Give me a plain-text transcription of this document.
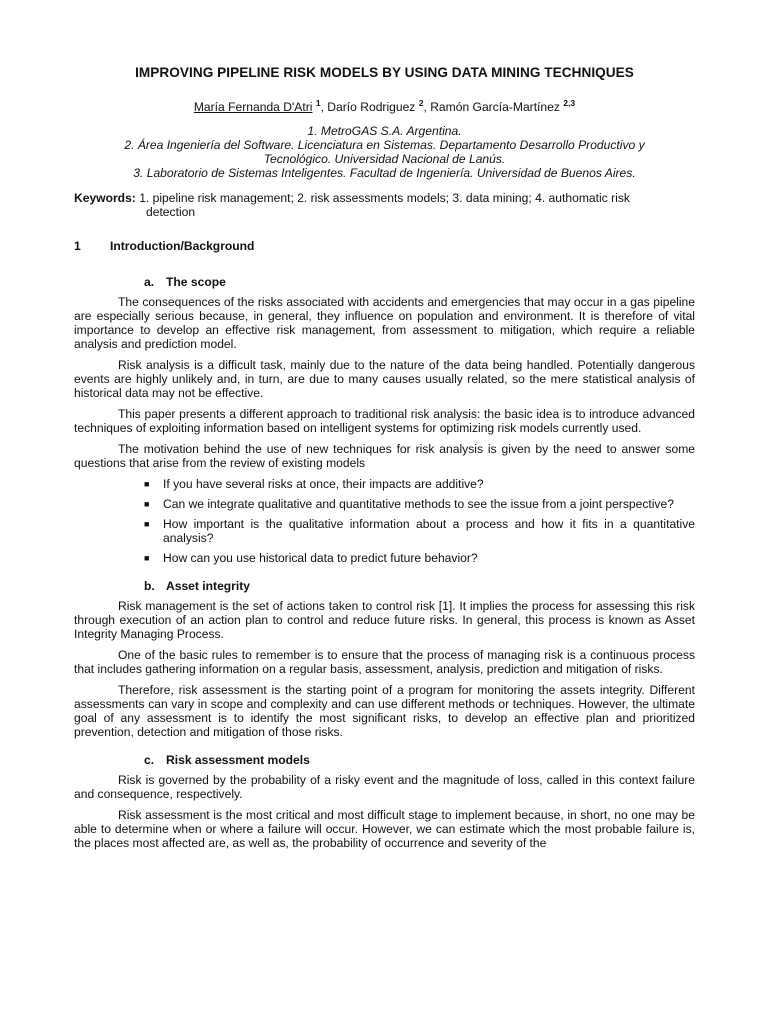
IMPROVING PIPELINE RISK MODELS BY USING DATA MINING TECHNIQUES
María Fernanda D'Atri $^1$, Darío Rodriguez $^2$, Ramón García-Martínez $^{2,3}$
1. MetroGAS S.A. Argentina.
2. Área Ingeniería del Software. Licenciatura en Sistemas. Departamento Desarrollo Productivo y
Tecnológico. Universidad Nacional de Lanús.
3. Laboratorio de Sistemas Inteligentes. Facultad de Ingeniería. Universidad de Buenos Aires.
Keywords: 1. pipeline risk management; 2. risk assessments models; 3. data mining; 4. authomatic risk
detection
1	Introduction/Background
a. The scope

The consequences of the risks associated with accidents and emergencies that may occur in a gas pipeline are especially serious because, in general, they influence on population and environment. It is therefore of vital importance to develop an effective risk management, from assessment to mitigation, which require a reliable analysis and prediction model.

Risk analysis is a difficult task, mainly due to the nature of the data being handled. Potentially dangerous events are highly unlikely and, in turn, are due to many causes usually related, so the mere statistical analysis of historical data may not be effective.

This paper presents a different approach to traditional risk analysis: the basic idea is to introduce advanced techniques of exploiting information based on intelligent systems for optimizing risk models currently used.

The motivation behind the use of new techniques for risk analysis is given by the need to answer some questions that arise from the review of existing models

■ If you have several risks at once, their impacts are additive?
■ Can we integrate qualitative and quantitative methods to see the issue from a joint perspective?
■ How important is the qualitative information about a process and how it fits in a quantitative analysis?
■ How can you use historical data to predict future behavior?
b. Asset integrity

Risk management is the set of actions taken to control risk [1]. It implies the process for assessing this risk through execution of an action plan to control and reduce future risks. In general, this process is known as Asset Integrity Managing Process.

One of the basic rules to remember is to ensure that the process of managing risk is a continuous process that includes gathering information on a regular basis, assessment, analysis, prediction and mitigation of risks.

Therefore, risk assessment is the starting point of a program for monitoring the assets integrity. Different assessments can vary in scope and complexity and can use different methods or techniques. However, the ultimate goal of any assessment is to identify the most significant risks, to develop an effective plan and prioritized prevention, detection and mitigation of those risks.

c. Risk assessment models

Risk is governed by the probability of a risky event and the magnitude of loss, called in this context failure and consequence, respectively.

Risk assessment is the most critical and most difficult stage to implement because, in short, no one may be able to determine when or where a failure will occur. However, we can estimate which the most probable failure is, the places most affected are, as well as, the probability of occurrence and severity of the
